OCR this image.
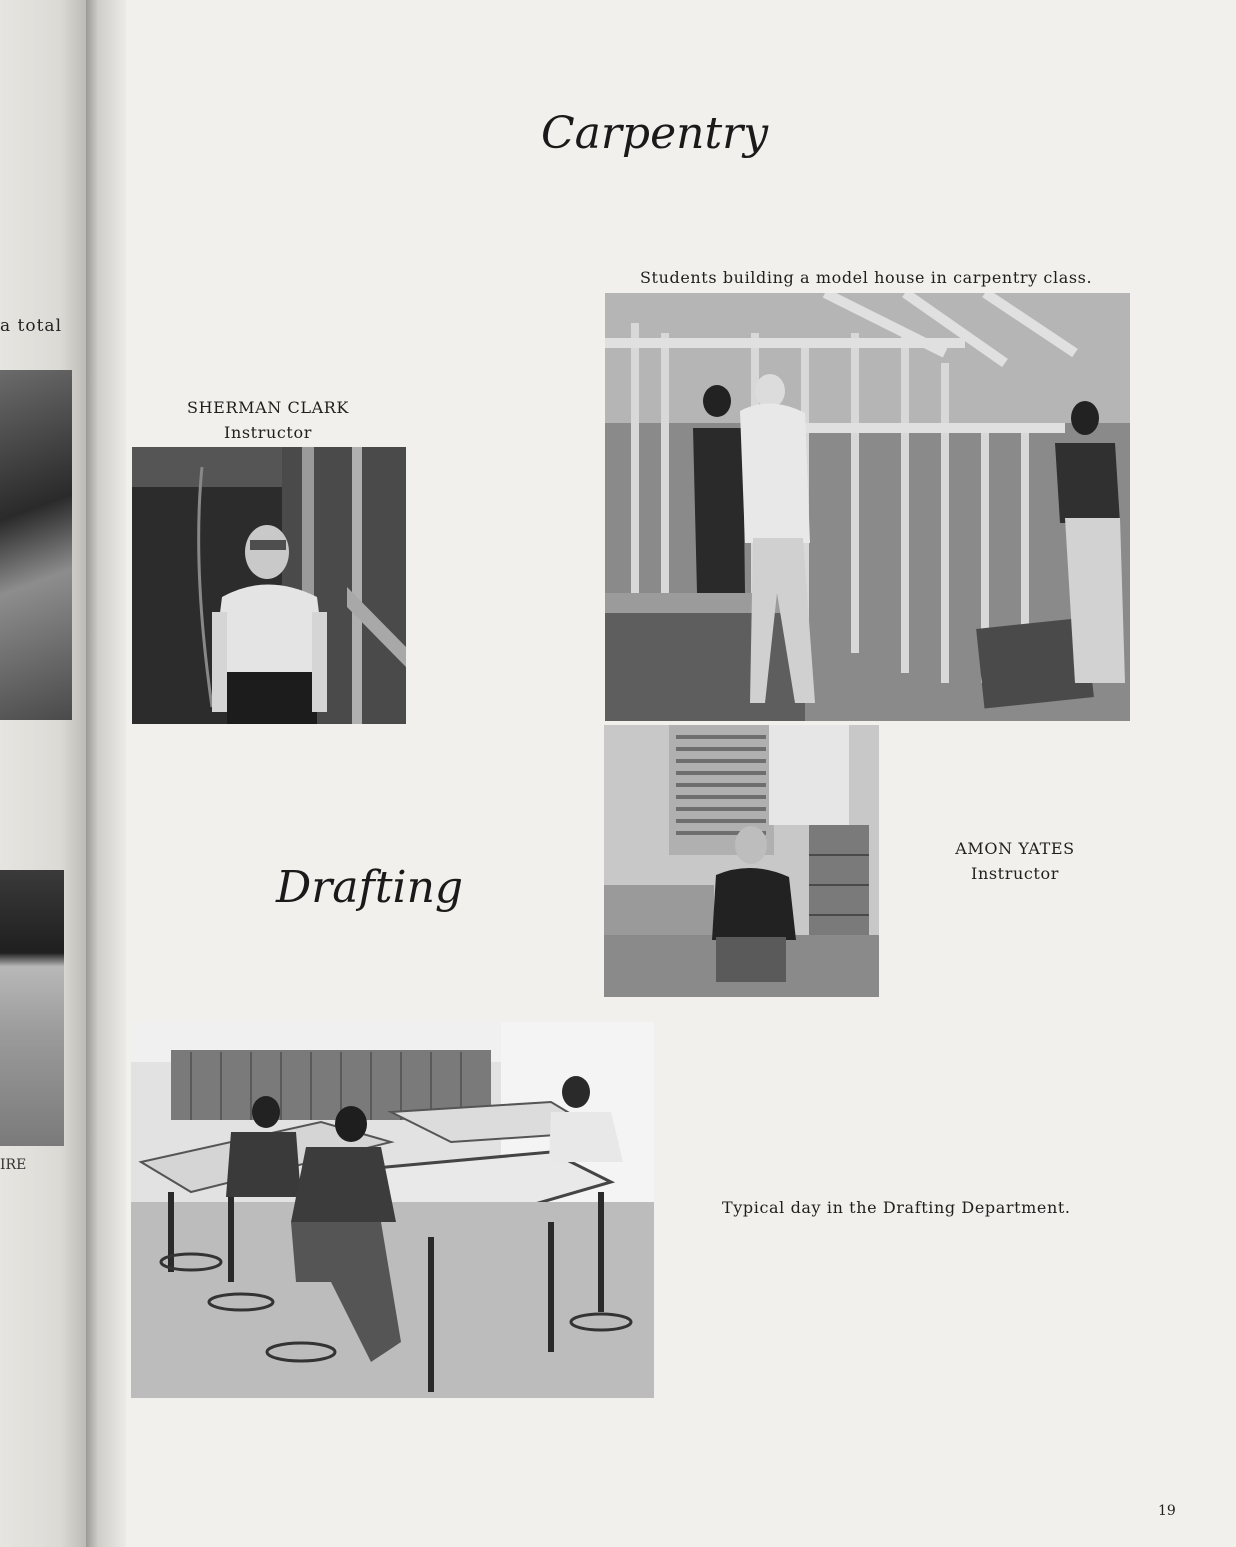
a total
IRE
Carpentry
Students building a model house in carpentry class.
SHERMAN CLARK
Instructor
AMON YATES
Instructor
Drafting
Typical day in the Drafting Department.
19
